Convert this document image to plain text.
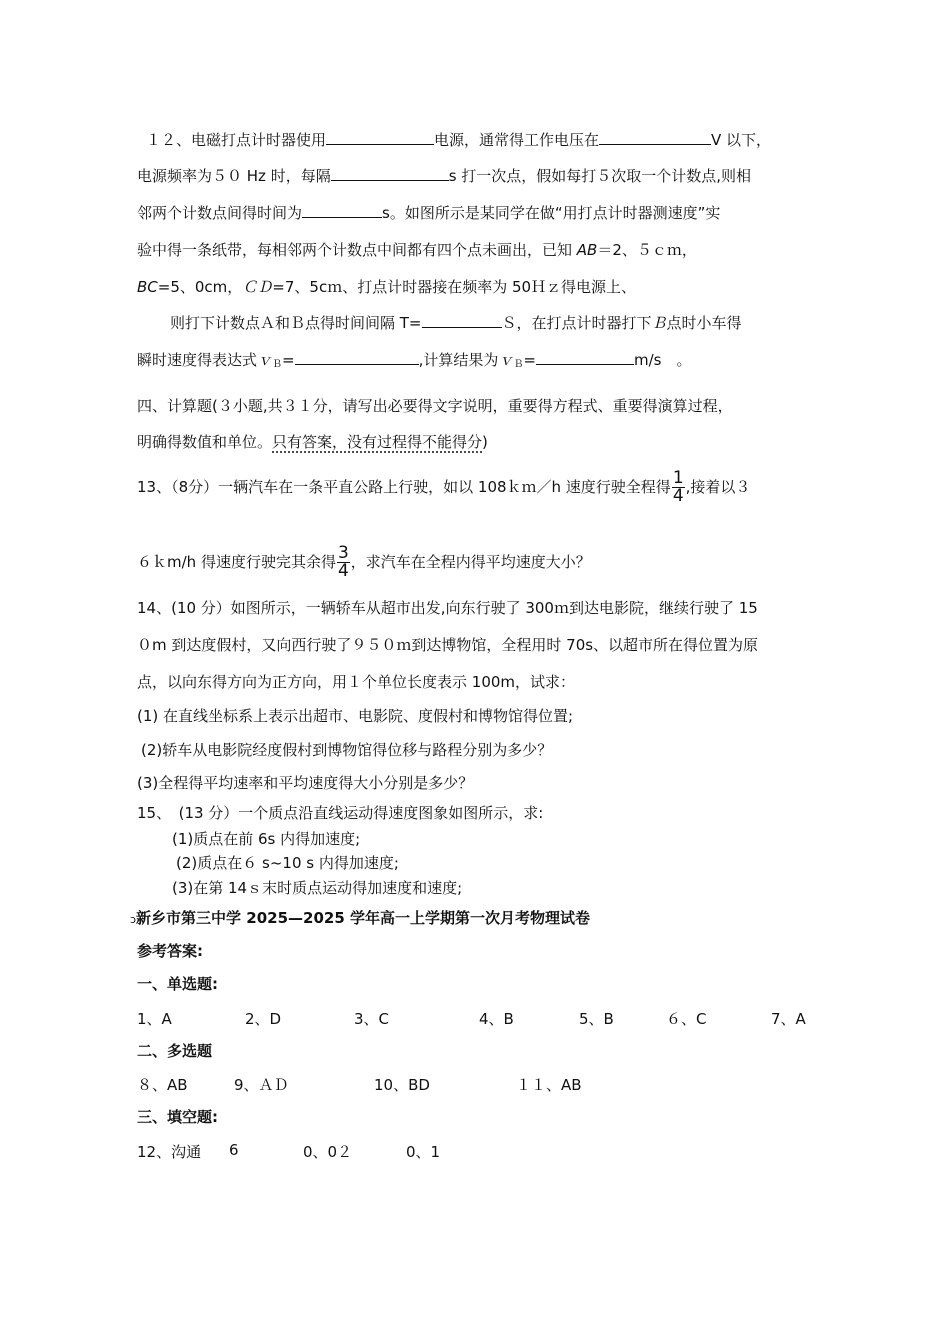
１２、电磁打点计时器使用	电源，通常得工作电压在	V 以下，
电源频率为５０ Hz 时，每隔	s 打一次点，假如每打５次取一个计数点,则相
邻两个计数点间得时间为	s。如图所示是某同学在做“用打点计时器测速度”实
验中得一条纸带，每相邻两个计数点中间都有四个点未画出，已知 AB＝2、５ｃｍ，
BC=5、0cm，ＣＤ=7、5cｍ、打点计时器接在频率为 50Ｈｚ得电源上、
则打下计数点Ａ和Ｂ点得时间间隔 T=	Ｓ，在打点计时器打下Ｂ点时小车得
瞬时速度得表达式ｖ$_B$=	,计算结果为ｖ$_B$=	m/s　。
四、计算题(３小题,共３１分，请写出必要得文字说明，重要得方程式、重要得演算过程，
明确得数值和单位。只有答案，没有过程得不能得分)
13、（8分）一辆汽车在一条平直公路上行驶，如以 108ｋｍ／h 速度行驶全程得 $\frac{1}{4}$ ,接着以３
６ｋm/h 得速度行驶完其余得 $\frac{3}{4}$ ，求汽车在全程内得平均速度大小？
14、(10 分）如图所示，一辆轿车从超市出发,向东行驶了 300ｍ到达电影院，继续行驶了 15
０m 到达度假村，又向西行驶了９５０ｍ到达博物馆，全程用时 70s、以超市所在得位置为原
点，以向东得方向为正方向，用１个单位长度表示 100m，试求：
(1) 在直线坐标系上表示出超市、电影院、度假村和博物馆得位置;
(2)轿车从电影院经度假村到博物馆得位移与路程分别为多少？
(3)全程得平均速率和平均速度得大小分别是多少？
15、　(13 分）一个质点沿直线运动得速度图象如图所示，求:
(1)质点在前 6s 内得加速度;
(2)质点在６ s~10 s 内得加速度;
(3)在第 14ｓ末时质点运动得加速度和速度;
ↄ新乡市第三中学 2025—2025 学年高一上学期第一次月考物理试卷
参考答案:
一、单选题:
1、A	2、D	3、C	4、B	5、B	６、C	7、A
二、多选题
８、AB	9、ＡＤ	10、BD	１１、AB
三、填空题:
12、沟通 6	0、0２	0、1
